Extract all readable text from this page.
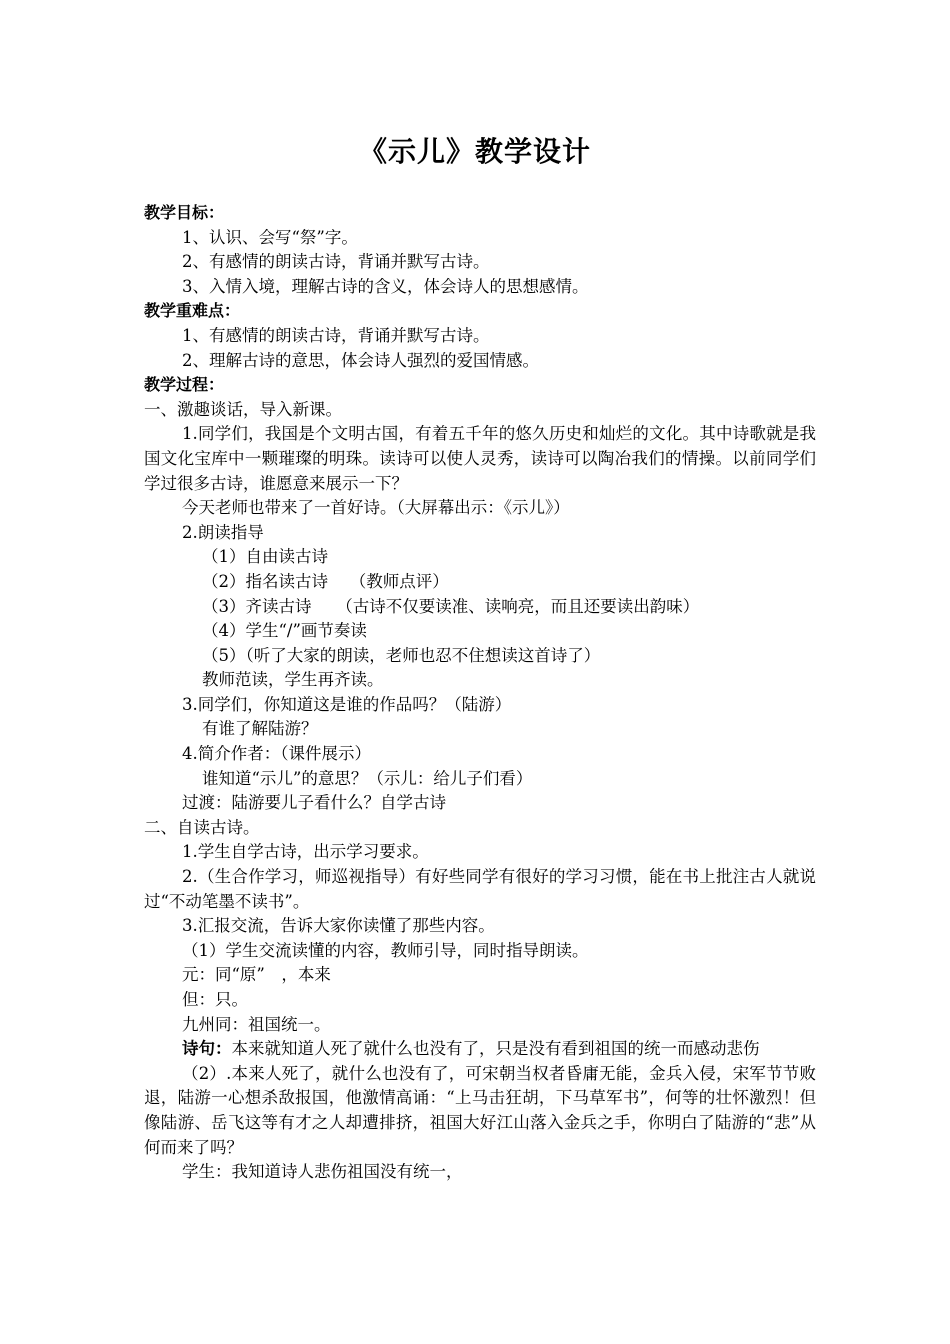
《示儿》教学设计
教学目标：
1、认识、会写“祭”字。
2、有感情的朗读古诗，背诵并默写古诗。
3、入情入境，理解古诗的含义，体会诗人的思想感情。
教学重难点：
1、有感情的朗读古诗，背诵并默写古诗。
2、理解古诗的意思，体会诗人强烈的爱国情感。
教学过程：
一、激趣谈话，导入新课。
1.同学们，我国是个文明古国，有着五千年的悠久历史和灿烂的文化。其中诗歌就是我国文化宝库中一颗璀璨的明珠。读诗可以使人灵秀，读诗可以陶冶我们的情操。以前同学们学过很多古诗，谁愿意来展示一下？
今天老师也带来了一首好诗。（大屏幕出示：《示儿》）
2.朗读指导
（1）自由读古诗
（2）指名读古诗　 （教师点评）
（3）齐读古诗　　（古诗不仅要读准、读响亮，而且还要读出韵味）
（4）学生“/”画节奏读
（5）（听了大家的朗读，老师也忍不住想读这首诗了）
教师范读，学生再齐读。
3.同学们，你知道这是谁的作品吗？（陆游）
有谁了解陆游？
4.简介作者：（课件展示）
谁知道“示儿”的意思？（示儿：给儿子们看）
过渡：陆游要儿子看什么？自学古诗
二、自读古诗。
1.学生自学古诗，出示学习要求。
2.（生合作学习，师巡视指导）有好些同学有很好的学习习惯，能在书上批注古人就说过“不动笔墨不读书”。
3.汇报交流，告诉大家你读懂了那些内容。
（1）学生交流读懂的内容，教师引导，同时指导朗读。
元：同“原”　，本来
但：只。
九州同：祖国统一。
诗句：本来就知道人死了就什么也没有了，只是没有看到祖国的统一而感动悲伤
（2）.本来人死了，就什么也没有了，可宋朝当权者昏庸无能，金兵入侵，宋军节节败退，陆游一心想杀敌报国，他激情高诵：“上马击狂胡，下马草军书”，何等的壮怀激烈！但像陆游、岳飞这等有才之人却遭排挤，祖国大好江山落入金兵之手，你明白了陆游的“悲”从何而来了吗？
学生：我知道诗人悲伤祖国没有统一，
